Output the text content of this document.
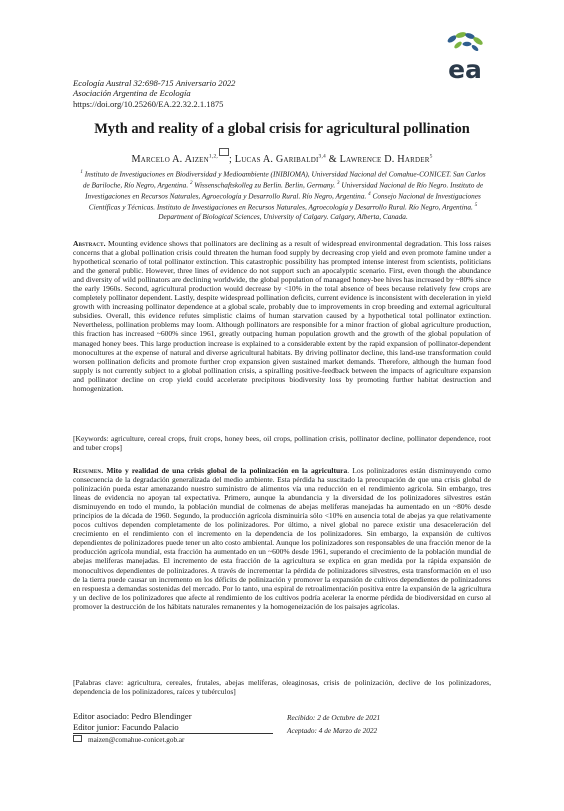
ea
Ecología Austral 32:698-715 Aniversario 2022
Asociación Argentina de Ecología
https://doi.org/10.25260/EA.22.32.2.1.1875
Myth and reality of a global crisis for agricultural pollination
Marcelo A. Aizen$^{1,2,}$ ; Lucas A. Garibaldi$^{3,4}$ & Lawrence D. Harder$^5$
$^1$ Instituto de Investigaciones en Biodiversidad y Medioambiente (INIBIOMA), Universidad Nacional del Comahue-CONICET. San Carlos de Bariloche, Río Negro, Argentina. $^2$ Wissenschaftskolleg zu Berlin. Berlin, Germany. $^3$ Universidad Nacional de Río Negro. Instituto de Investigaciones en Recursos Naturales, Agroecología y Desarrollo Rural. Río Negro, Argentina. $^4$ Consejo Nacional de Investigaciones Científicas y Técnicas. Instituto de Investigaciones en Recursos Naturales, Agroecología y Desarrollo Rural. Río Negro, Argentina. $^5$ Department of Biological Sciences, University of Calgary. Calgary, Alberta, Canada.
Abstract. Mounting evidence shows that pollinators are declining as a result of widespread environmental degradation. This loss raises concerns that a global pollination crisis could threaten the human food supply by decreasing crop yield and even promote famine under a hypothetical scenario of total pollinator extinction. This catastrophic possibility has prompted intense interest from scientists, politicians and the general public. However, three lines of evidence do not support such an apocalyptic scenario. First, even though the abundance and diversity of wild pollinators are declining worldwide, the global population of managed honey-bee hives has increased by ~80% since the early 1960s. Second, agricultural production would decrease by <10% in the total absence of bees because relatively few crops are completely pollinator dependent. Lastly, despite widespread pollination deficits, current evidence is inconsistent with deceleration in yield growth with increasing pollinator dependence at a global scale, probably due to improvements in crop breeding and external agricultural subsidies. Overall, this evidence refutes simplistic claims of human starvation caused by a hypothetical total pollinator extinction. Nevertheless, pollination problems may loom. Although pollinators are responsible for a minor fraction of global agriculture production, this fraction has increased ~600% since 1961, greatly outpacing human population growth and the growth of the global population of managed honey bees. This large production increase is explained to a considerable extent by the rapid expansion of pollinator-dependent monocultures at the expense of natural and diverse agricultural habitats. By driving pollinator decline, this land-use transformation could worsen pollination deficits and promote further crop expansion given sustained market demands. Therefore, although the human food supply is not currently subject to a global pollination crisis, a spiralling positive-feedback between the impacts of agriculture expansion and pollinator decline on crop yield could accelerate precipitous biodiversity loss by promoting further habitat destruction and homogenization.
[Keywords: agriculture, cereal crops, fruit crops, honey bees, oil crops, pollination crisis, pollinator decline, pollinator dependence, root and tuber crops]
Resumen. Mito y realidad de una crisis global de la polinización en la agricultura. Los polinizadores están disminuyendo como consecuencia de la degradación generalizada del medio ambiente. Esta pérdida ha suscitado la preocupación de que una crisis global de polinización pueda estar amenazando nuestro suministro de alimentos vía una reducción en el rendimiento agrícola. Sin embargo, tres líneas de evidencia no apoyan tal expectativa. Primero, aunque la abundancia y la diversidad de los polinizadores silvestres están disminuyendo en todo el mundo, la población mundial de colmenas de abejas melíferas manejadas ha aumentado en un ~80% desde principios de la década de 1960. Segundo, la producción agrícola disminuiría sólo <10% en ausencia total de abejas ya que relativamente pocos cultivos dependen completamente de los polinizadores. Por último, a nivel global no parece existir una desaceleración del crecimiento en el rendimiento con el incremento en la dependencia de los polinizadores. Sin embargo, la expansión de cultivos dependientes de polinizadores puede tener un alto costo ambiental. Aunque los polinizadores son responsables de una fracción menor de la producción agrícola mundial, esta fracción ha aumentado en un ~600% desde 1961, superando el crecimiento de la población mundial de abejas melíferas manejadas. El incremento de esta fracción de la agricultura se explica en gran medida por la rápida expansión de monocultivos dependientes de polinizadores. A través de incrementar la pérdida de polinizadores silvestres, esta transformación en el uso de la tierra puede causar un incremento en los déficits de polinización y promover la expansión de cultivos dependientes de polinizadores en respuesta a demandas sostenidas del mercado. Por lo tanto, una espiral de retroalimentación positiva entre la expansión de la agricultura y un declive de los polinizadores que afecte al rendimiento de los cultivos podría acelerar la enorme pérdida de biodiversidad en curso al promover la destrucción de los hábitats naturales remanentes y la homogeneización de los paisajes agrícolas.
[Palabras clave: agricultura, cereales, frutales, abejas melíferas, oleaginosas, crisis de polinización, declive de los polinizadores, dependencia de los polinizadores, raíces y tubérculos]
Editor asociado: Pedro Blendinger
Editor junior: Facundo Palacio
maizen@comahue-conicet.gob.ar
Recibido: 2 de Octubre de 2021
Aceptado: 4 de Marzo de 2022
